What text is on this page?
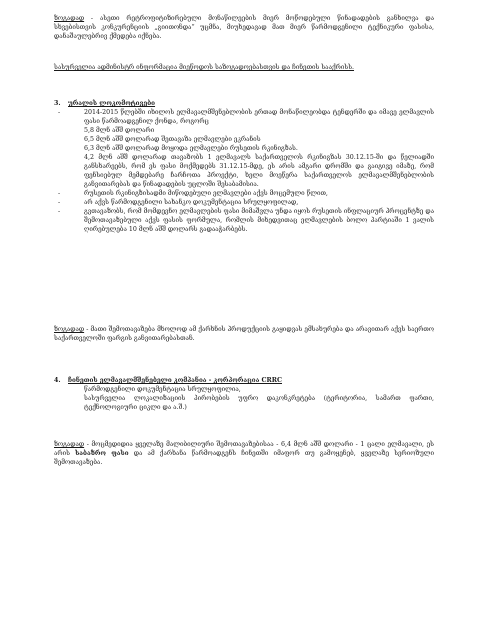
ზოგადად - ასეთი რეტროფიტიზირებული მონაწილეების მიერ მოწოდებული წინადადების განხილვა და სხვებისთვის კონკურენციის „გიითონდა“ უცმნა, მიუხედავად მათ მიერ წარმოდგენილი ტექნიკური ფასისა, დანაშაულებრივ ქმედება იქნება.

სასურველია ადმინისტრ ინფორმაცია მიეწოდოს საზოგადოებასთვის და ჩინეთის სააქრისს.

3. ურალის ლოკომოტივები
- 2014-2015 წლებში იხილოს ელმავალმშენებლობის ერთად მონაწილეობდა ტენდერში და იმავე ელმავლის ფასი წარმოადგენილ ქონდა, როგორც
5,8 მლნ აშშ დოლარი
6,5 მლნ აშშ დოლარად შეთავაზა ელმავლები ეკრანის
6,3 მლნ აშშ დოლარად მოყოდა ელმავლები რუსეთის რკინიგზას.

4,2 მლნ აშშ დოლარად თავაზობს 1 ელმავალს საქართველოს რკინიგზას 30.12.15-ში და წელიადში განსხარეებს, რომ ეს ფასი მოქმედებს 31.12.15-მდე, ეს არის ამგარი დრომში და გაიგივე იმაზე, რომ ფენსიებულ მემდებარე ჩარჩოთა პროექტი, ხელი მოეწერა საქართველოს ელმავალმშენებლობის განვითარებას და წინადადების უცლოში შესაბამისია.

- რუსეთის რკინიგზისადმი მიწოდებული ელმავლები აქვს მოცემული წლით,
- არ აქვს წარმოდგენილი სახანკო დოკუმენტაცია სრულყოფილად,
- გვთავაზობს, რომ მომდევნო ელმავლების ფასი მიმაშვლა უნდა იყოს რუსეთის ინფლაციურ პროცენტზე და შემოთავაზებული აქვს ფასის ფორმულა, რომლის მიხედვითაც ელმავლების ბოლო პარტიაში 1 ვალის ღირებულება 10 მლნ აშშ დოლარს გადააჭარბებს.

ზოგადად - მათი შემოთავაზება მხოლოდ ამ ქარხნის პროდუქციის გაყიდვას ემსახურება და არავითარ აქვს საერთო საქართველოში ფარგის განვითარებასთან.

4. ჩინეთის ელმავალმშენებელი კომპანია - კორპორაცია CRRC
წარმოდგენილი დოკუმენტაცია სრულყოფილია,
სასურველია ლოკალიზაციის პირობების უფრო დაკონკრეტება (ტერიტორია, სამართ ფართი, ტექნოლოგიური ციკლი და ა.შ.)

ზოგადად - მოცმედიდია ყველაზე მალიბილიური შემოთავაზებისაა - 6,4 მლნ აშშ დოლარი - 1 ცალი ელმავალი, ეს არის საბაზრო ფასი და ამ ქარხანა წარმოადგენს ჩინეთში იმაფორ თუ გამოყენებ, ყველაზე სერიოზული შემოთავაზება.
